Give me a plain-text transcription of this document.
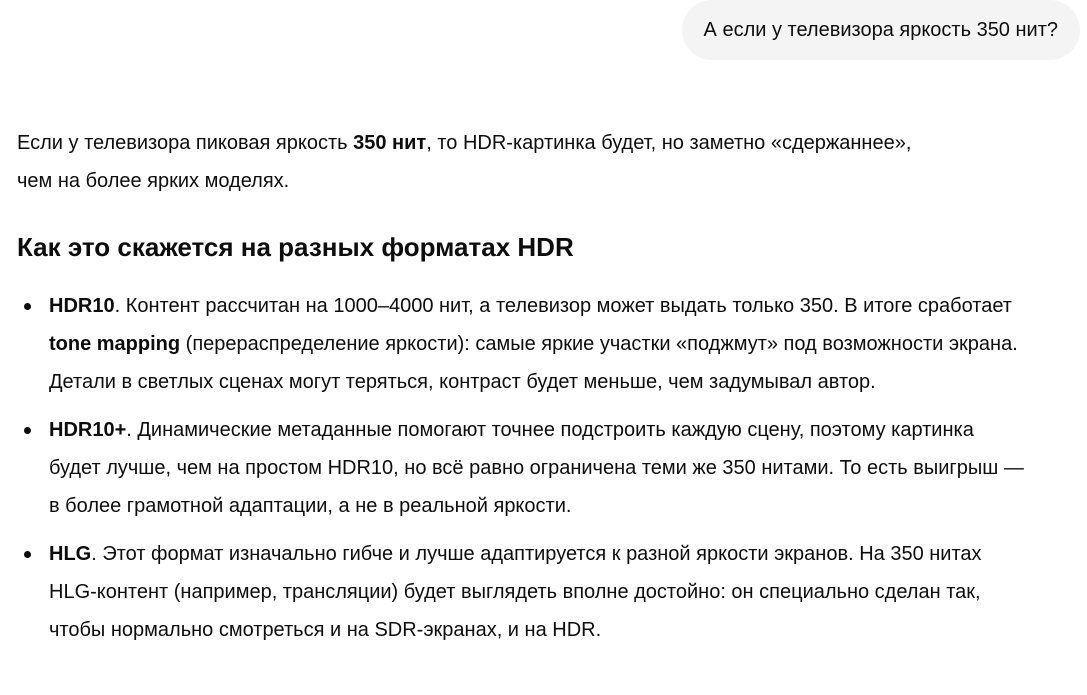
А если у телевизора яркость 350 нит?

Если у телевизора пиковая яркость 350 нит, то HDR-картинка будет, но заметно «сдержаннее»,
чем на более ярких моделях.

Как это скажется на разных форматах HDR
HDR10. Контент рассчитан на 1000–4000 нит, а телевизор может выдать только 350. В итоге сработает tone mapping (перераспределение яркости): самые яркие участки «поджмут» под возможности экрана. Детали в светлых сценах могут теряться, контраст будет меньше, чем задумывал автор.
HDR10+. Динамические метаданные помогают точнее подстроить каждую сцену, поэтому картинка будет лучше, чем на простом HDR10, но всё равно ограничена теми же 350 нитами. То есть выигрыш — в более грамотной адаптации, а не в реальной яркости.
HLG. Этот формат изначально гибче и лучше адаптируется к разной яркости экранов. На 350 нитах HLG-контент (например, трансляции) будет выглядеть вполне достойно: он специально сделан так, чтобы нормально смотреться и на SDR-экранах, и на HDR.
